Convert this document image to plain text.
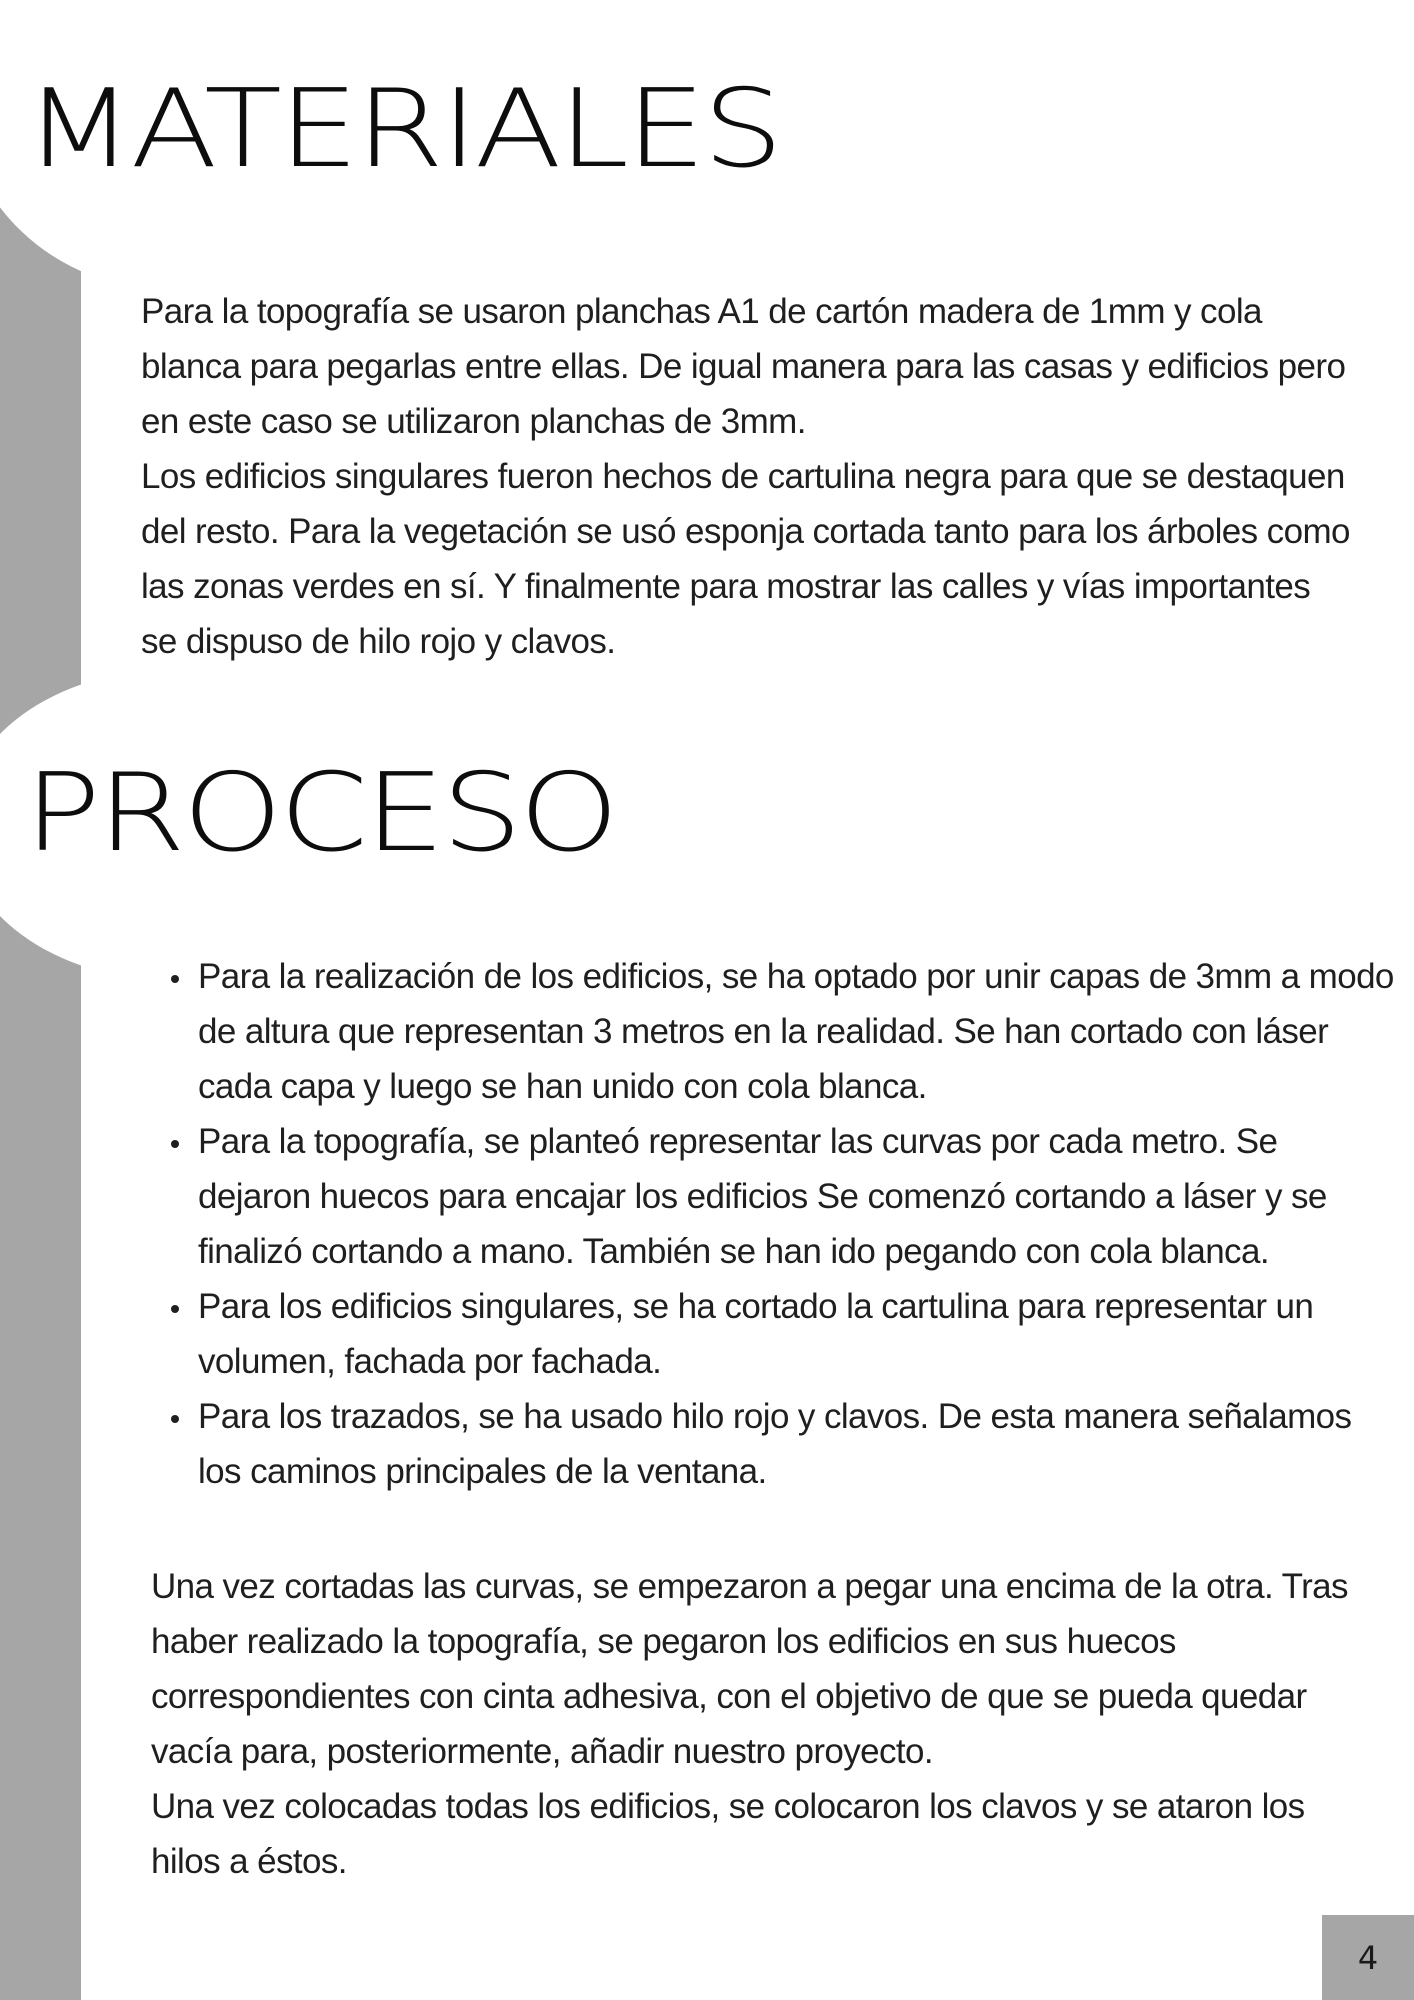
MATERIALES

Para la topografía se usaron planchas A1 de cartón madera de 1mm y cola blanca para pegarlas entre ellas. De igual manera para las casas y edificios pero en este caso se utilizaron planchas de 3mm.

Los edificios singulares fueron hechos de cartulina negra para que se destaquen del resto. Para la vegetación se usó esponja cortada tanto para los árboles como las zonas verdes en sí. Y finalmente para mostrar las calles y vías importantes se dispuso de hilo rojo y clavos.

PROCESO
Para la realización de los edificios, se ha optado por unir capas de 3mm a modo de altura que representan 3 metros en la realidad. Se han cortado con láser cada capa y luego se han unido con cola blanca.
Para la topografía, se planteó representar las curvas por cada metro. Se dejaron huecos para encajar los edificios Se comenzó cortando a láser y se finalizó cortando a mano. También se han ido pegando con cola blanca.
Para los edificios singulares, se ha cortado la cartulina para representar un volumen, fachada por fachada.
Para los trazados, se ha usado hilo rojo y clavos. De esta manera señalamos los caminos principales de la ventana.

Una vez cortadas las curvas, se empezaron a pegar una encima de la otra. Tras haber realizado la topografía, se pegaron los edificios en sus huecos correspondientes con cinta adhesiva, con el objetivo de que se pueda quedar vacía para, posteriormente, añadir nuestro proyecto.

Una vez colocadas todas los edificios, se colocaron los clavos y se ataron los hilos a éstos.

4
